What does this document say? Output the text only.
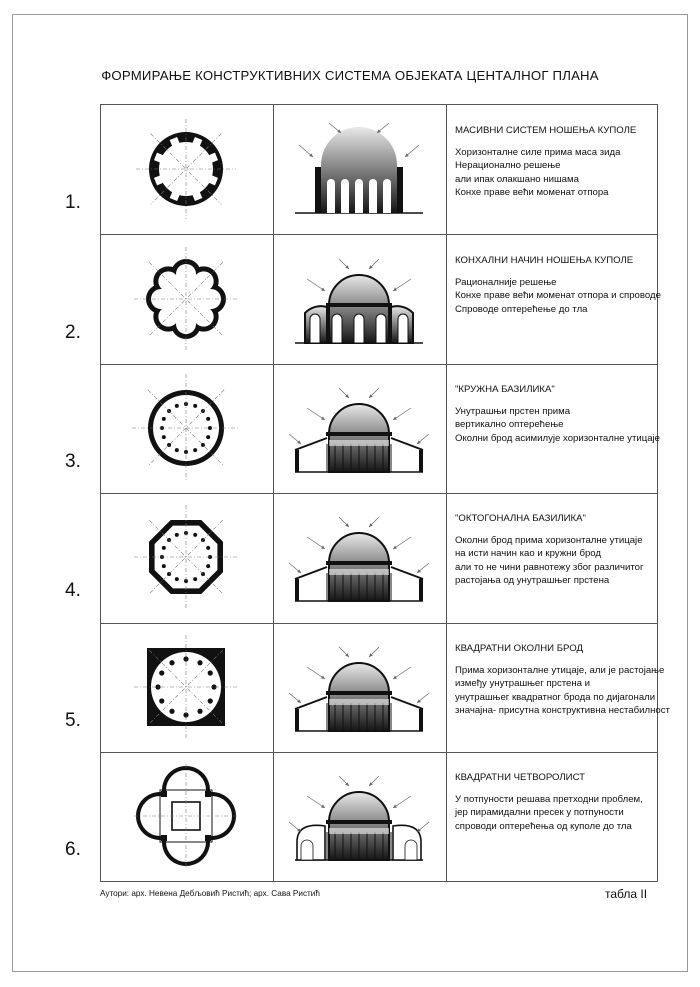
ФОРМИРАЊЕ КОНСТРУКТИВНИХ СИСТЕМА ОБЈЕКАТА ЦЕНТАЛНОГ ПЛАНА
1.
МАСИВНИ СИСТЕМ НОШЕЊА КУПОЛЕ
Хоризонталне силе прима маса зида
Нерационално решење
али ипак олакшано нишама
Конхе праве већи моменат отпора
2.
КОНХАЛНИ НАЧИН НОШЕЊА КУПОЛЕ
Рационалније решење
Конхе праве већи моменат отпора и спроводе
Спроводе оптерећење до тла
3.
"КРУЖНА БАЗИЛИКА"
Унутрашњи прстен прима
вертикално оптерећење
Околни брод асимилује хоризонталне утицаје
4.
"ОКТОГОНАЛНА БАЗИЛИКА"
Околни брод прима хоризонталне утицаје
на исти начин као и кружни брод
али то не чини равнотежу због различитог
растојања од унутрашњег прстена
5.
КВАДРАТНИ ОКОЛНИ БРОД
Прима хоризонталне утицаје, али је растојање
између унутрашњег прстена и
унутрашњег квадратног брода по дијагонали
значајна- присутна конструктивна нестабилност
6.
КВАДРАТНИ ЧЕТВОРОЛИСТ
У потпуности решава претходни проблем,
јер пирамидални пресек у потпуности
спроводи оптерећења од куполе до тла
Аутори: арх. Невена Дебљовић Ристић; арх. Сава Ристић	табла II
